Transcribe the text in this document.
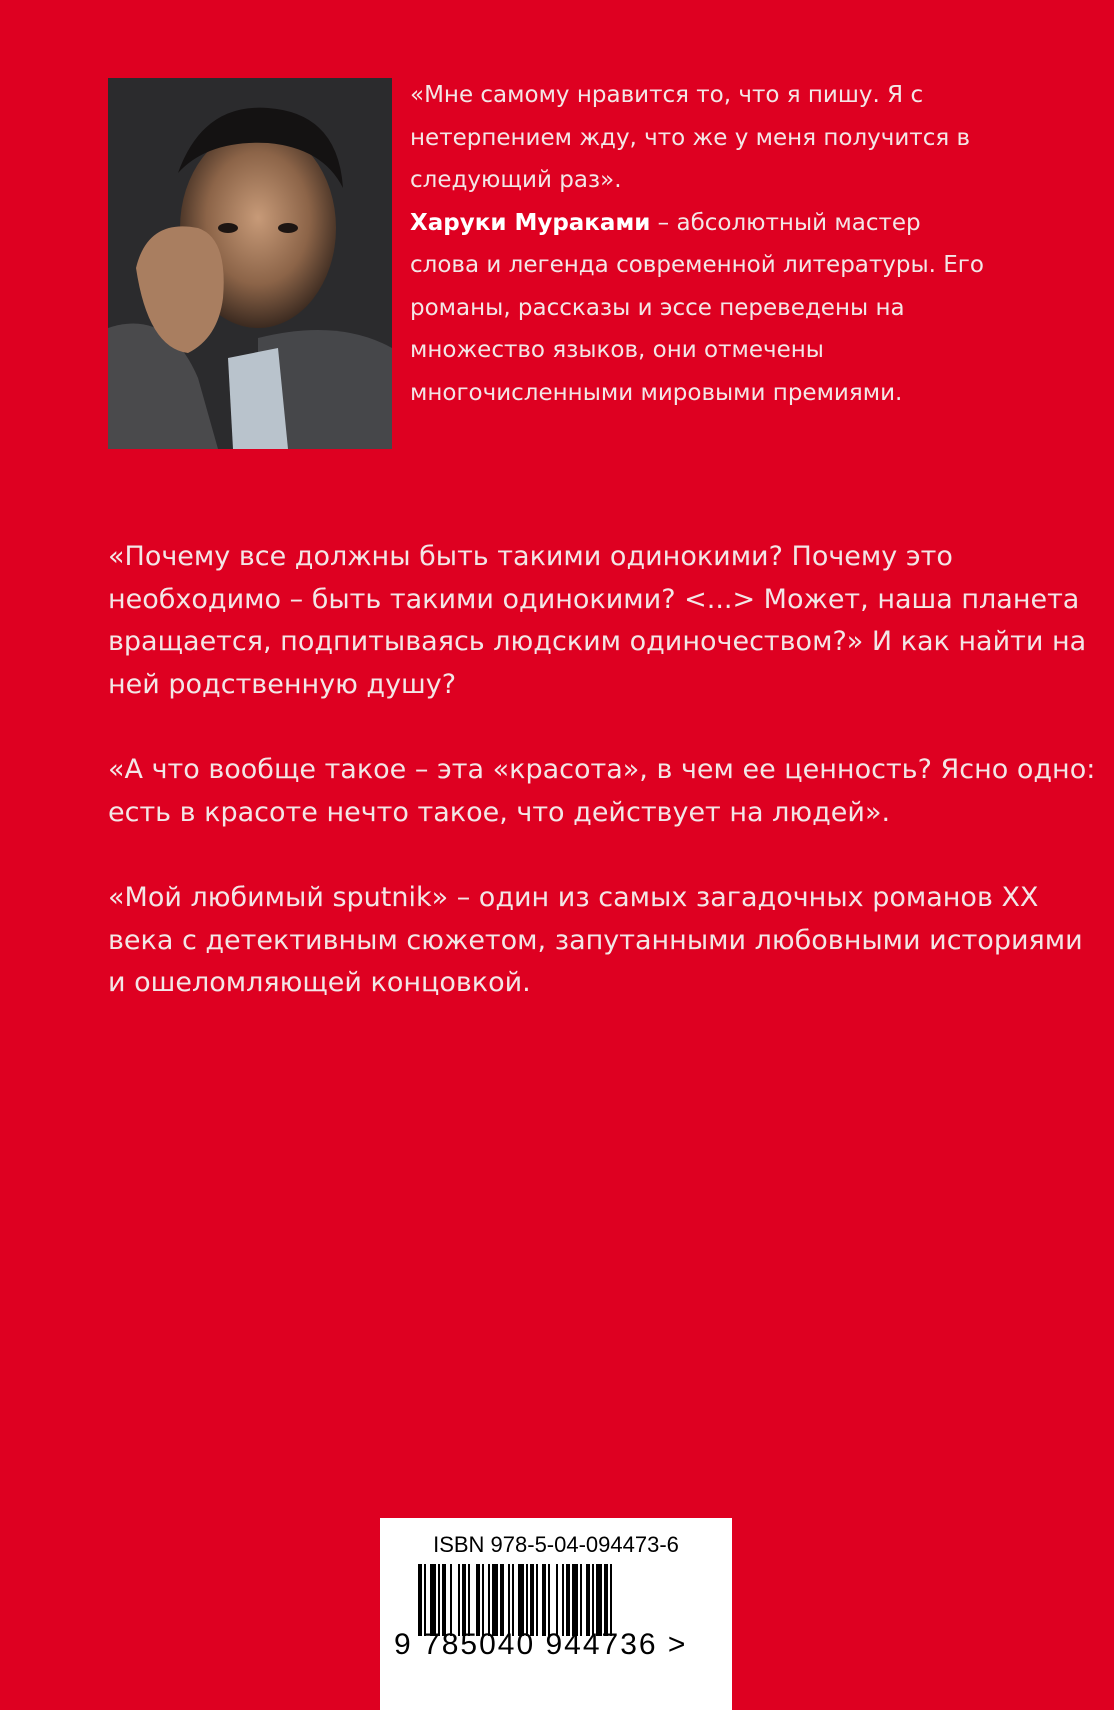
«Мне самому нравится то, что я пишу. Я с нетерпением жду, что же у меня получится в следующий раз».

Харуки Мураками – абсолютный мастер слова и легенда современной литературы. Его романы, рассказы и эссе переведены на множество языков, они отмечены многочисленными мировыми премиями.

«Почему все должны быть такими одинокими? Почему это необходимо – быть такими одинокими? <...> Может, наша планета вращается, подпитываясь людским одиночеством?» И как найти на ней родственную душу?

«А что вообще такое – эта «красота», в чем ее ценность? Ясно одно: есть в красоте нечто такое, что действует на людей».

«Мой любимый sputnik» – один из самых загадочных романов XX века с детективным сюжетом, запутанными любовными историями и ошеломляющей концовкой.

ISBN 978-5-04-094473-6
9 785040 944736 >
